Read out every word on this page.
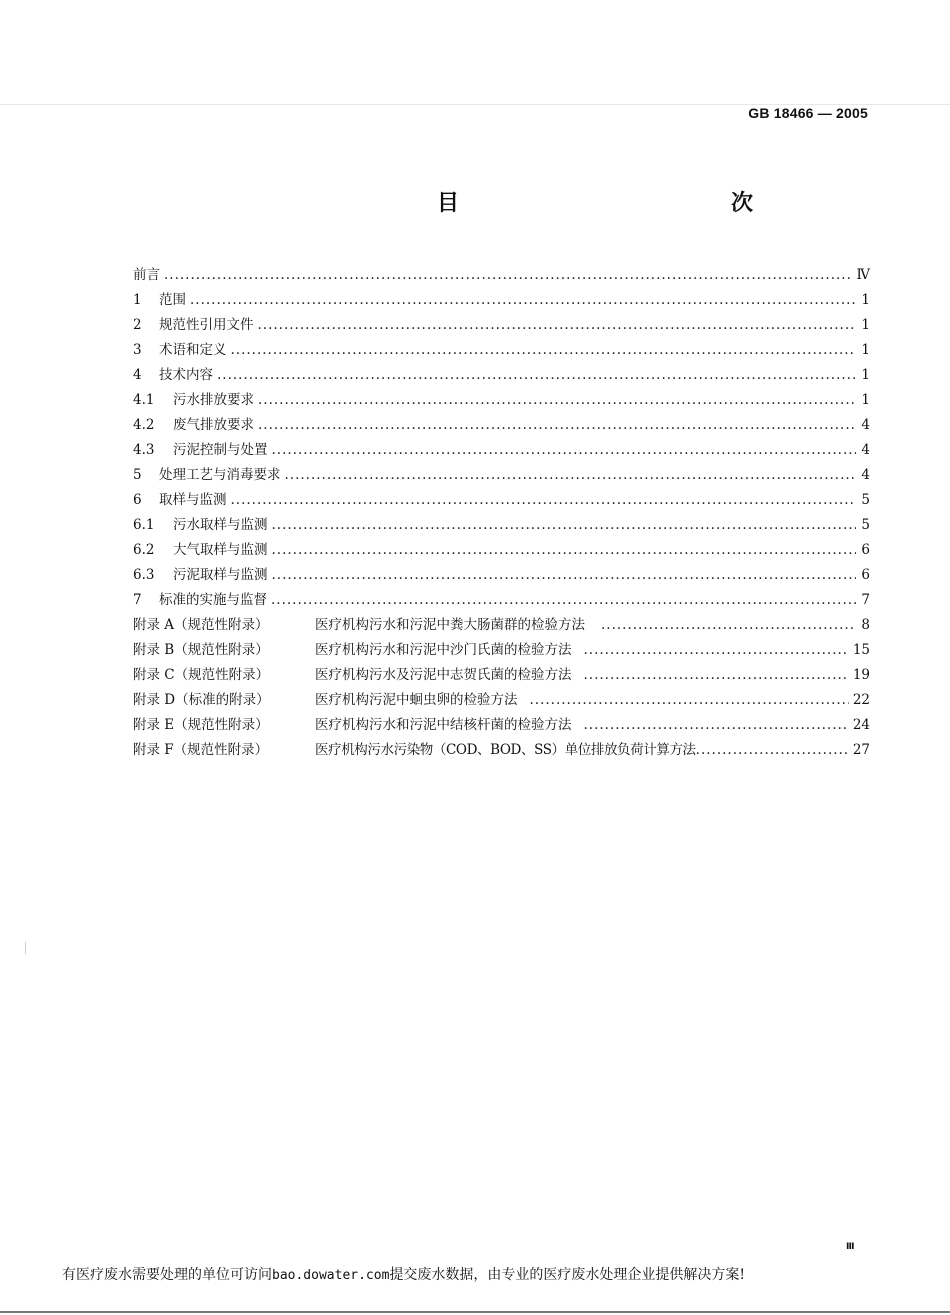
GB 18466 — 2005
目　　次
前言 .....	Ⅳ
1 范围 .....	1
2 规范性引用文件 .....	1
3 术语和定义 .....	1
4 技术内容 .....	1
4.1 污水排放要求 .....	1
4.2 废气排放要求 .....	4
4.3 污泥控制与处置 .....	4
5 处理工艺与消毒要求 .....	4
6 取样与监测 .....	5
6.1 污水取样与监测 .....	5
6.2 大气取样与监测 .....	6
6.3 污泥取样与监测 .....	6
7 标准的实施与监督 .....	7
附录 A（规范性附录）	医疗机构污水和污泥中粪大肠菌群的检验方法 .....	8
附录 B（规范性附录）	医疗机构污水和污泥中沙门氏菌的检验方法 .....	15
附录 C（规范性附录）	医疗机构污水及污泥中志贺氏菌的检验方法 .....	19
附录 D（标准的附录）	医疗机构污泥中蛔虫卵的检验方法 .....	22
附录 E（规范性附录）	医疗机构污水和污泥中结核杆菌的检验方法 .....	24
附录 F（规范性附录）	医疗机构污水污染物（COD、BOD、SS）单位排放负荷计算方法 .....	27
Ⅲ
有医疗废水需要处理的单位可访问bao.dowater.com提交废水数据，由专业的医疗废水处理企业提供解决方案!
